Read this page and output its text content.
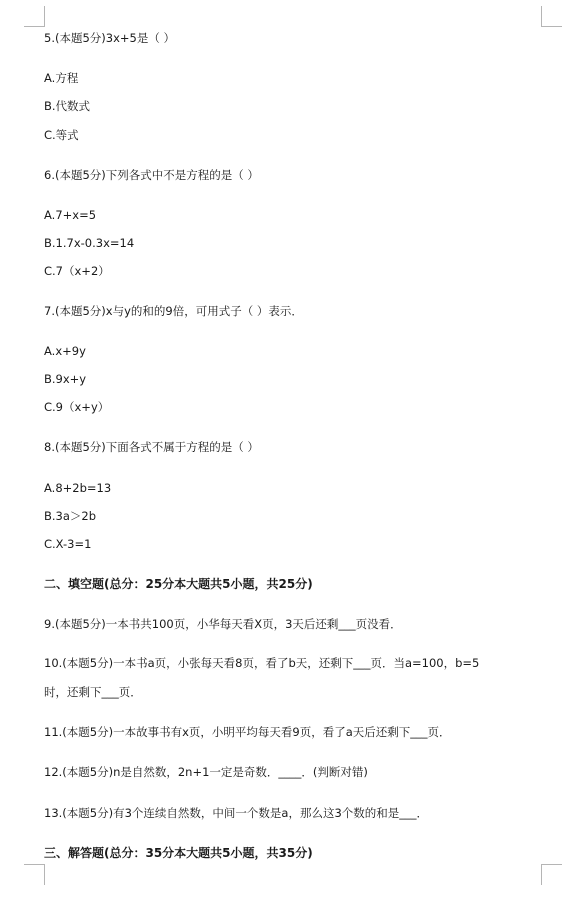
5.(本题5分)3x+5是（ ）
A.方程
B.代数式
C.等式
6.(本题5分)下列各式中不是方程的是（ ）
A.7+x=5
B.1.7x-0.3x=14
C.7（x+2）
7.(本题5分)x与y的和的9倍，可用式子（ ）表示．
A.x+9y
B.9x+y
C.9（x+y）
8.(本题5分)下面各式不属于方程的是（ ）
A.8+2b=13
B.3a＞2b
C.X-3=1
二、填空题(总分：25分本大题共5小题，共25分)
9.(本题5分)一本书共100页，小华每天看X页，3天后还剩___页没看．
10.(本题5分)一本书a页，小张每天看8页，看了b天，还剩下___页．当a=100，b=5
时，还剩下___页．
11.(本题5分)一本故事书有x页，小明平均每天看9页，看了a天后还剩下___页．
12.(本题5分)n是自然数，2n+1一定是奇数．____．(判断对错)
13.(本题5分)有3个连续自然数，中间一个数是a，那么这3个数的和是___．
三、解答题(总分：35分本大题共5小题，共35分)
